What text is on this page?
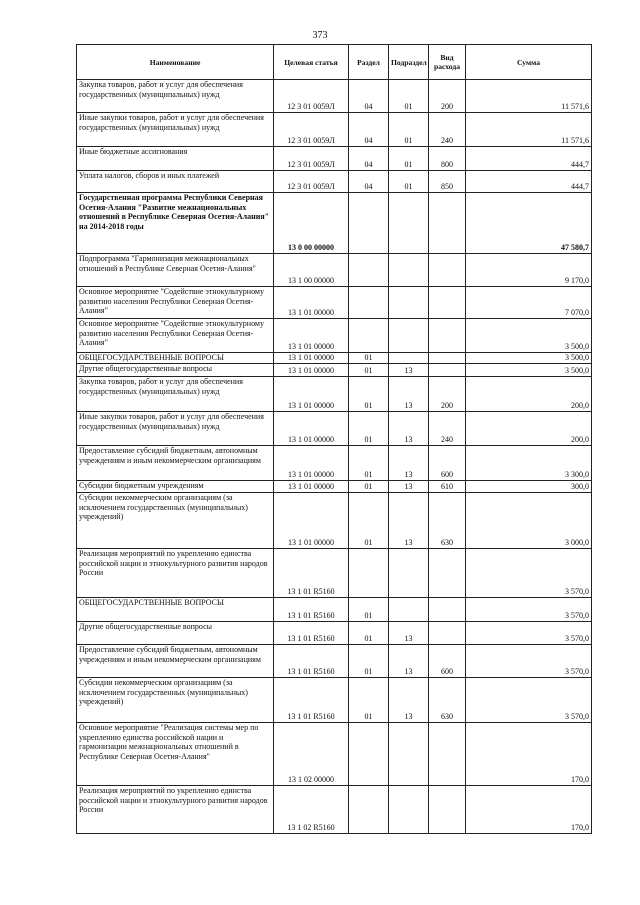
373
Наименование	Целевая статья	Раздел	Подраздел	Вид расхода	Сумма
Закупка товаров, работ и услуг для обеспечения государственных (муниципальных) нужд	12 3 01 0059Л	04	01	200	11 571,6
Иные закупки товаров, работ и услуг для обеспечения государственных (муниципальных) нужд	12 3 01 0059Л	04	01	240	11 571,6
Иные бюджетные ассигнования	12 3 01 0059Л	04	01	800	444,7
Уплата налогов, сборов и иных платежей	12 3 01 0059Л	04	01	850	444,7
Государственная программа Республики Северная Осетия-Алания "Развитие межнациональных отношений в Республике Северная Осетия-Алания" на 2014-2018 годы	13 0 00 00000				47 580,7
Подпрограмма "Гармонизация межнациональных отношений в Республике Северная Осетия-Алания"	13 1 00 00000				9 170,0
Основное мероприятие "Содействие этнокультурному развитию населения Республики Северная Осетия-Алания"	13 1 01 00000				7 070,0
Основное мероприятие "Содействие этнокультурному развитию населения Республики Северная Осетия-Алания"	13 1 01 00000				3 500,0
ОБЩЕГОСУДАРСТВЕННЫЕ ВОПРОСЫ	13 1 01 00000	01			3 500,0
Другие общегосударственные вопросы	13 1 01 00000	01	13		3 500,0
Закупка товаров, работ и услуг для обеспечения государственных (муниципальных) нужд	13 1 01 00000	01	13	200	200,0
Иные закупки товаров, работ и услуг для обеспечения государственных (муниципальных) нужд	13 1 01 00000	01	13	240	200,0
Предоставление субсидий бюджетным, автономным учреждениям и иным некоммерческим организациям	13 1 01 00000	01	13	600	3 300,0
Субсидии бюджетным учреждениям	13 1 01 00000	01	13	610	300,0
Субсидии некоммерческим организациям (за исключением государственных (муниципальных) учреждений)	13 1 01 00000	01	13	630	3 000,0
Реализация мероприятий по укреплению единства российской нации и этнокультурного развития народов России	13 1 01 R5160				3 570,0
ОБЩЕГОСУДАРСТВЕННЫЕ ВОПРОСЫ	13 1 01 R5160	01			3 570,0
Другие общегосударственные вопросы	13 1 01 R5160	01	13		3 570,0
Предоставление субсидий бюджетным, автономным учреждениям и иным некоммерческим организациям	13 1 01 R5160	01	13	600	3 570,0
Субсидии некоммерческим организациям (за исключением государственных (муниципальных) учреждений)	13 1 01 R5160	01	13	630	3 570,0
Основное мероприятие "Реализация системы мер по укреплению единства российской нации и гармонизации межнациональных отношений в Республике Северная Осетия-Алания"	13 1 02 00000				170,0
Реализация мероприятий по укреплению единства российской нации и этнокультурного развития народов России	13 1 02 R5160				170,0
